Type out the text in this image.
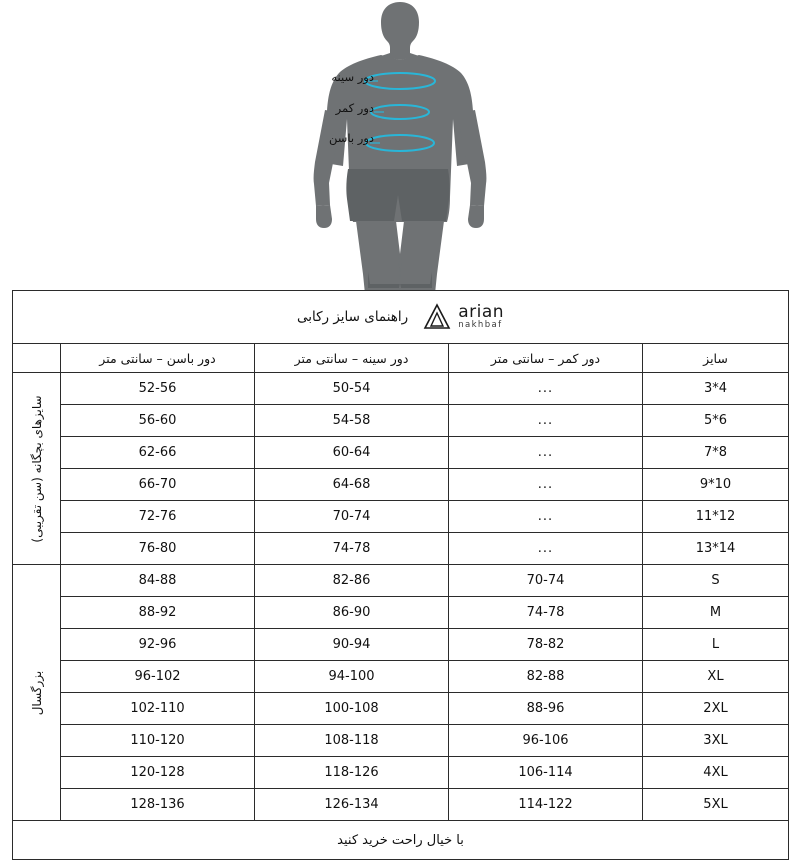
دور سینه
دور کمر
دور باسن
راهنمای سایز رکابی arian
nakhbaf				

	دور باسن – سانتی متر	دور سینه – سانتی متر	دور کمر – سانتی متر	سایز

سایزهای بچگانه (سن تقریبی)	52-56	50-54	...	3*4
	56-60	54-58	...	5*6
	62-66	60-64	...	7*8
	66-70	64-68	...	9*10
	72-76	70-74	...	11*12
	76-80	74-78	...	13*14

بزرگسال	84-88	82-86	70-74	S
	88-92	86-90	74-78	M
	92-96	90-94	78-82	L
	96-102	94-100	82-88	XL
	102-110	100-108	88-96	2XL
	110-120	108-118	96-106	3XL
	120-128	118-126	106-114	4XL
	128-136	126-134	114-122	5XL
با خیال راحت خرید کنید				
